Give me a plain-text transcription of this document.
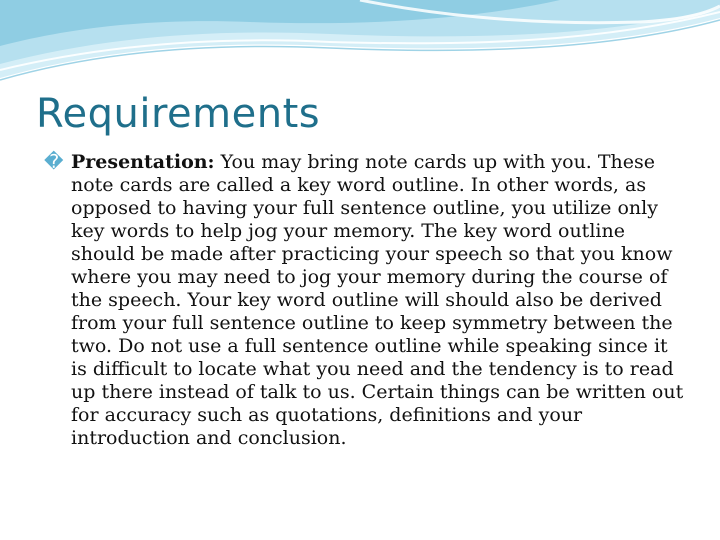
Requirements

� Presentation: You may bring note cards up with you. These note cards are called a key word outline. In other words, as opposed to having your full sentence outline, you utilize only key words to help jog your memory. The key word outline should be made after practicing your speech so that you know where you may need to jog your memory during the course of the speech. Your key word outline will should also be derived from your full sentence outline to keep symmetry between the two. Do not use a full sentence outline while speaking since it is difficult to locate what you need and the tendency is to read up there instead of talk to us. Certain things can be written out for accuracy such as quotations, definitions and your introduction and conclusion.
